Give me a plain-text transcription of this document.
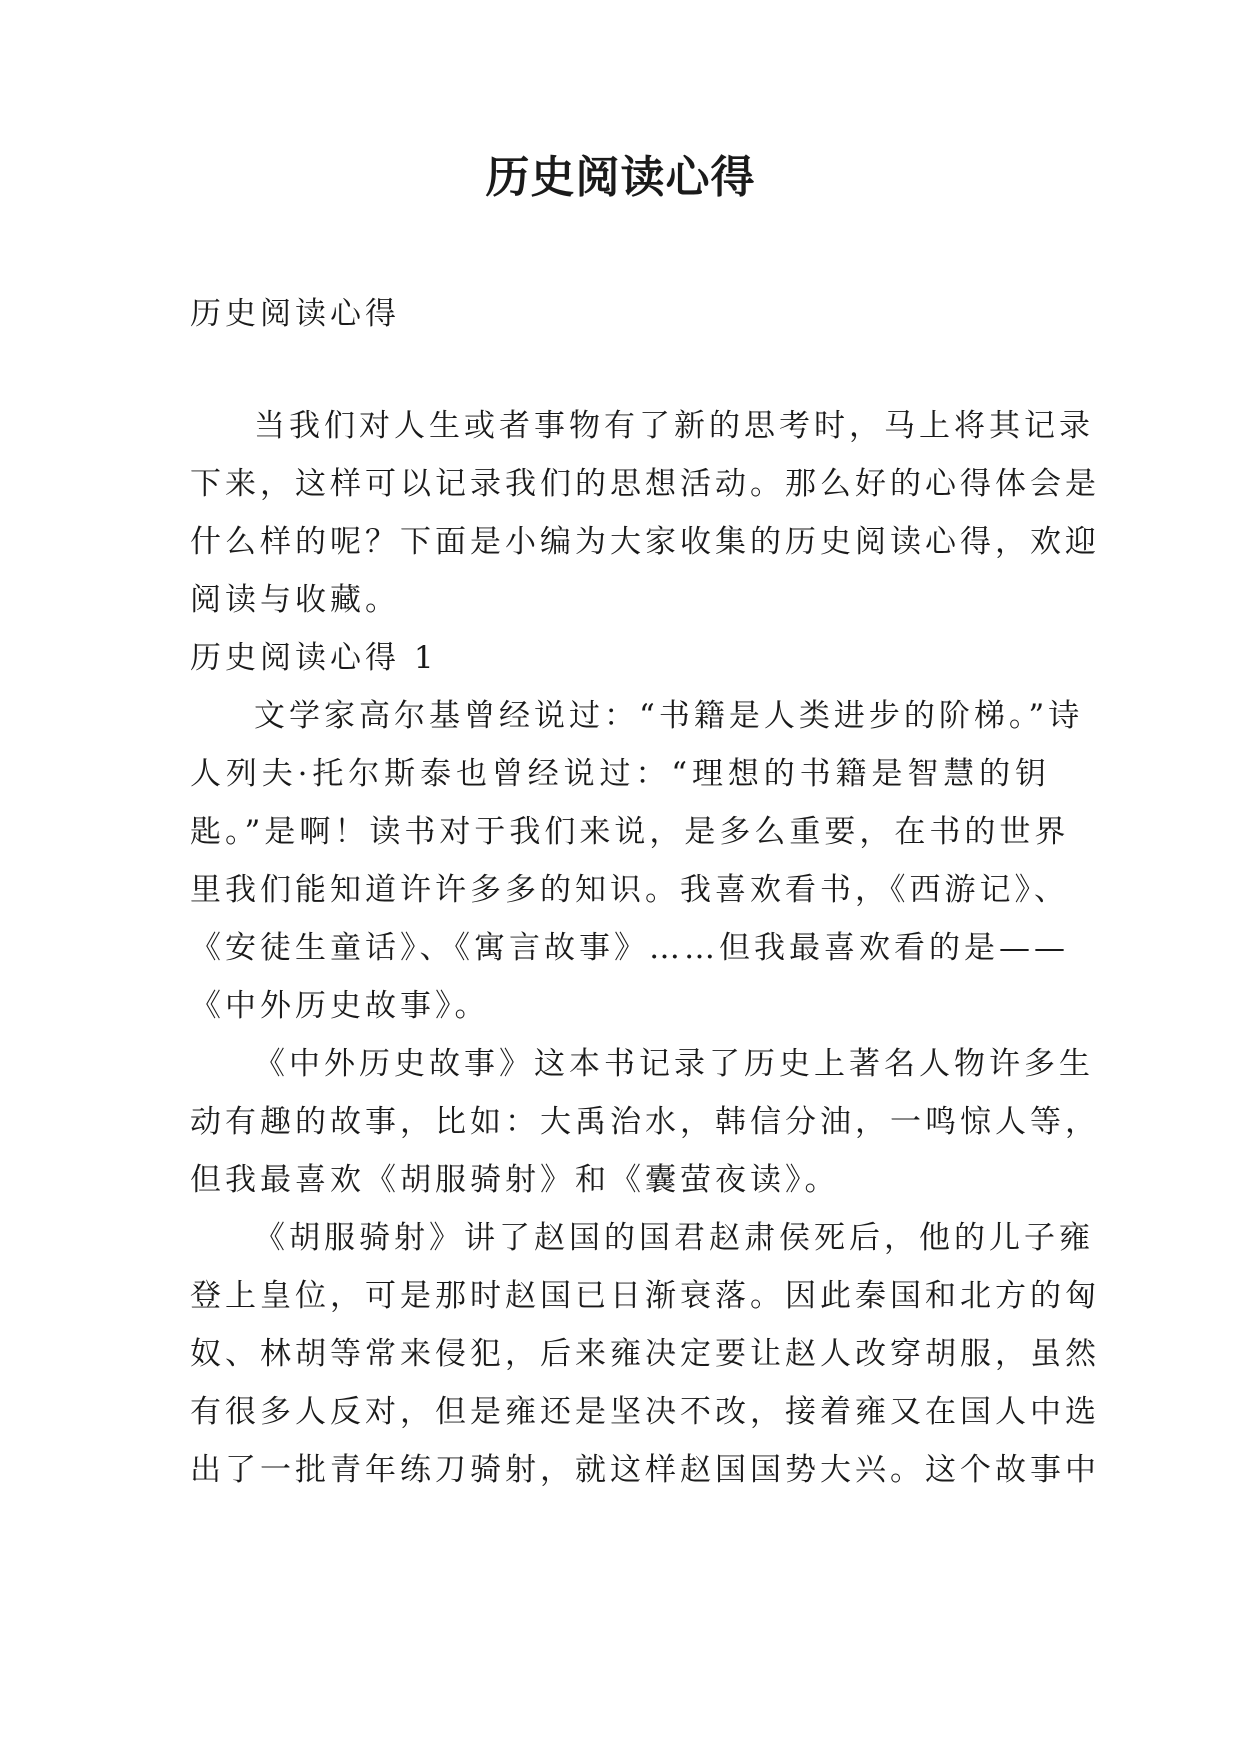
历史阅读心得
历史阅读心得
当我们对人生或者事物有了新的思考时，马上将其记录
下来，这样可以记录我们的思想活动。那么好的心得体会是
什么样的呢？下面是小编为大家收集的历史阅读心得，欢迎
阅读与收藏。
历史阅读心得 1
文学家高尔基曾经说过：“书籍是人类进步的阶梯。”诗
人列夫·托尔斯泰也曾经说过：“理想的书籍是智慧的钥
匙。”是啊！读书对于我们来说，是多么重要，在书的世界
里我们能知道许许多多的知识。我喜欢看书，《西游记》、
《安徒生童话》、《寓言故事》……但我最喜欢看的是——
《中外历史故事》。
《中外历史故事》这本书记录了历史上著名人物许多生
动有趣的故事，比如：大禹治水，韩信分油，一鸣惊人等，
但我最喜欢《胡服骑射》和《囊萤夜读》。
《胡服骑射》讲了赵国的国君赵肃侯死后，他的儿子雍
登上皇位，可是那时赵国已日渐衰落。因此秦国和北方的匈
奴、林胡等常来侵犯，后来雍决定要让赵人改穿胡服，虽然
有很多人反对，但是雍还是坚决不改，接着雍又在国人中选
出了一批青年练刀骑射，就这样赵国国势大兴。这个故事中
